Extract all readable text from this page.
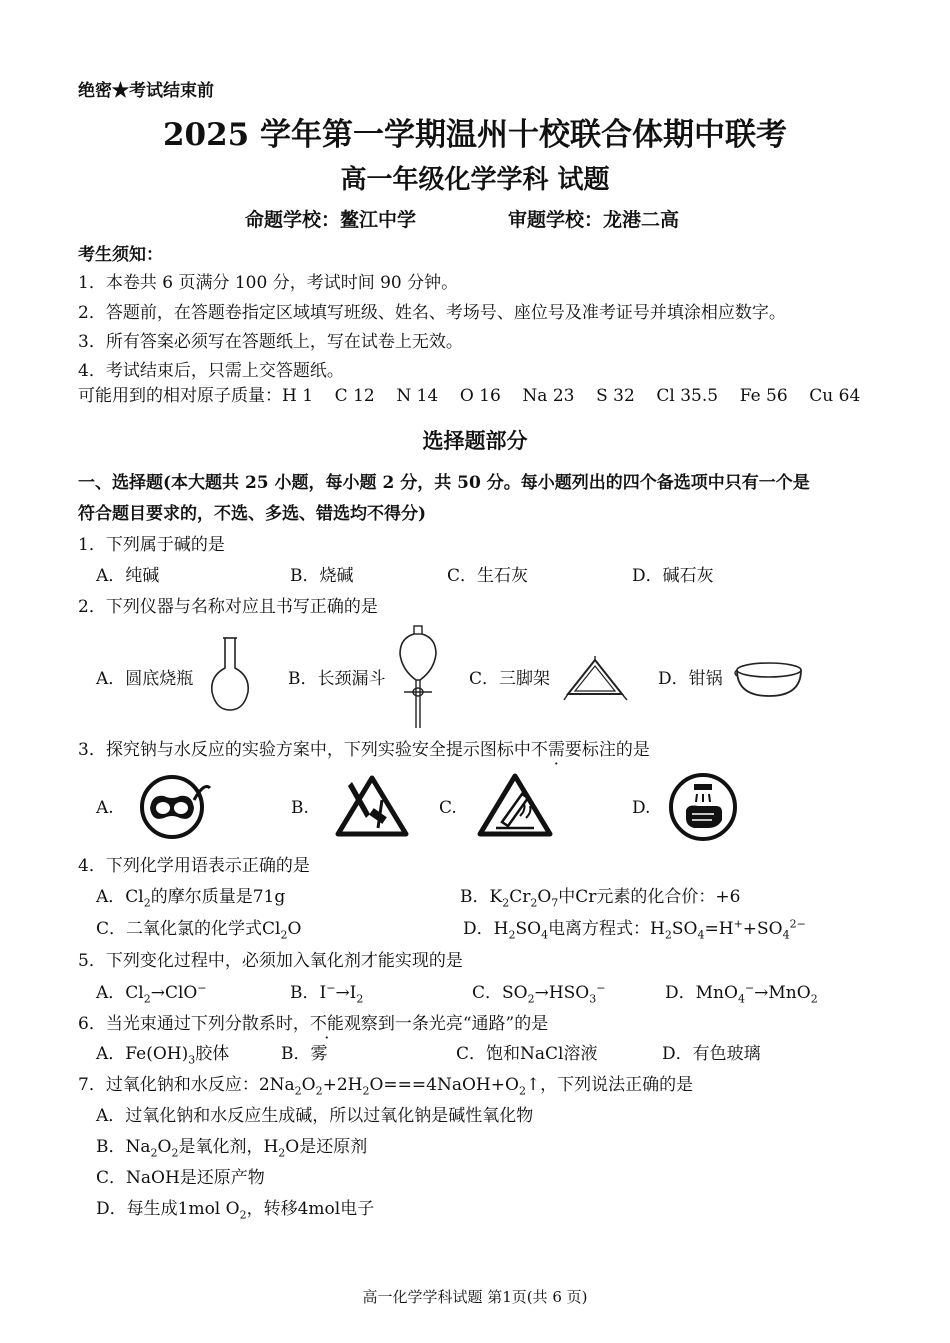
绝密★考试结束前
2025 学年第一学期温州十校联合体期中联考
高一年级化学学科 试题
命题学校：鳌江中学	审题学校：龙港二高
考生须知：
1．本卷共 6 页满分 100 分，考试时间 90 分钟。
2．答题前，在答题卷指定区域填写班级、姓名、考场号、座位号及准考证号并填涂相应数字。
3．所有答案必须写在答题纸上，写在试卷上无效。
4．考试结束后，只需上交答题纸。
可能用到的相对原子质量：H 1    C 12    N 14    O 16    Na 23    S 32    Cl 35.5    Fe 56    Cu 64
选择题部分
一、选择题(本大题共 25 小题，每小题 2 分，共 50 分。每小题列出的四个备选项中只有一个是
符合题目要求的，不选、多选、错选均不得分)
1．下列属于碱的是
A．纯碱	B．烧碱	C．生石灰	D．碱石灰
2．下列仪器与名称对应且书写正确的是
A．圆底烧瓶	B．长颈漏斗	C．三脚架	D．钳锅
3．探究钠与水反应的实验方案中，下列实验安全提示图标中不需要标注的是
A.	B.	C.	D.
4．下列化学用语表示正确的是
A．$Cl_2$的摩尔质量是71g	B．$K_2Cr_2O_7$中Cr元素的化合价：+6
C．二氧化氯的化学式$Cl_2O$	D．$H_2SO_4$电离方程式：$H_2SO_4=H^++SO_4^{2-}$
5．下列变化过程中，必须加入氧化剂才能实现的是
A．$Cl_2\to ClO^-$	B．$I^-\to I_2$	C．$SO_2\to HSO_3^-$	D．MnO$_4$−→MnO$_2$
6．当光束通过下列分散系时，不能观察到一条光亮“通路”的是
A．$Fe(OH)_3$胶体	B．雾	C．饱和NaCl溶液	D．有色玻璃
7．过氧化钠和水反应：$2Na_2O_2+2H_2O===4NaOH+O_2↑$，下列说法正确的是
A．过氧化钠和水反应生成碱，所以过氧化钠是碱性氧化物
B．$Na_2O_2$是氧化剂，$H_2O$是还原剂
C．NaOH是还原产物
D．每生成1mol $O_2$，转移4mol电子
高一化学学科试题 第1页(共 6 页)
